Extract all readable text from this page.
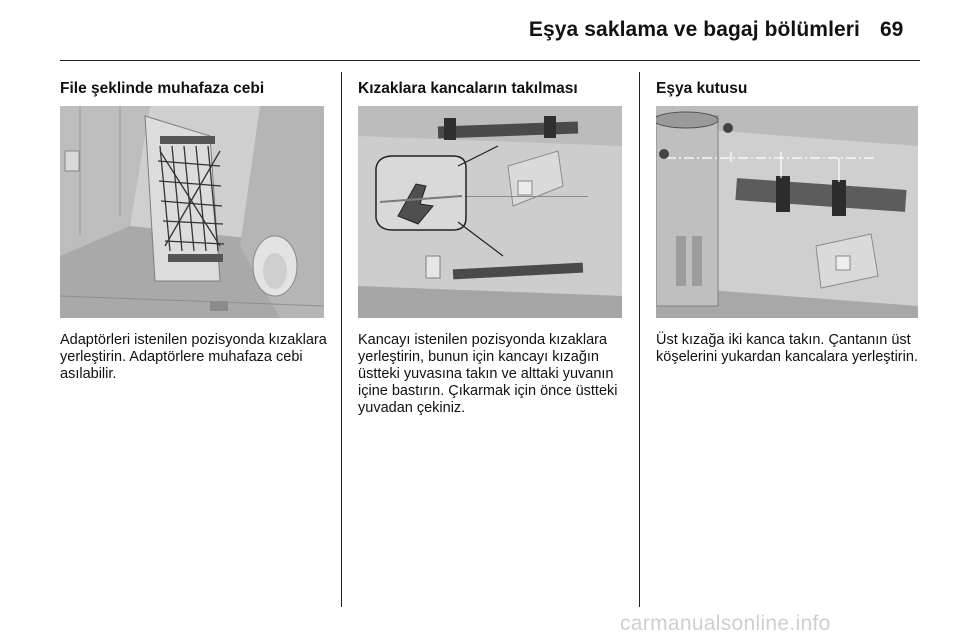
Eşya saklama ve bagaj bölümleri 69
File şeklinde muhafaza cebi

Adaptörleri istenilen pozisyonda kızaklara yerleştirin. Adaptörlere muhafaza cebi asılabilir.

Kızaklara kancaların takılması

Kancayı istenilen pozisyonda kızaklara yerleştirin, bunun için kancayı kızağın üstteki yuvasına takın ve alttaki yuvanın içine bastırın. Çıkarmak için önce üstteki yuvadan çekiniz.

Eşya kutusu

Üst kızağa iki kanca takın. Çantanın üst köşelerini yukardan kancalara yerleştirin.

carmanualsonline.info
